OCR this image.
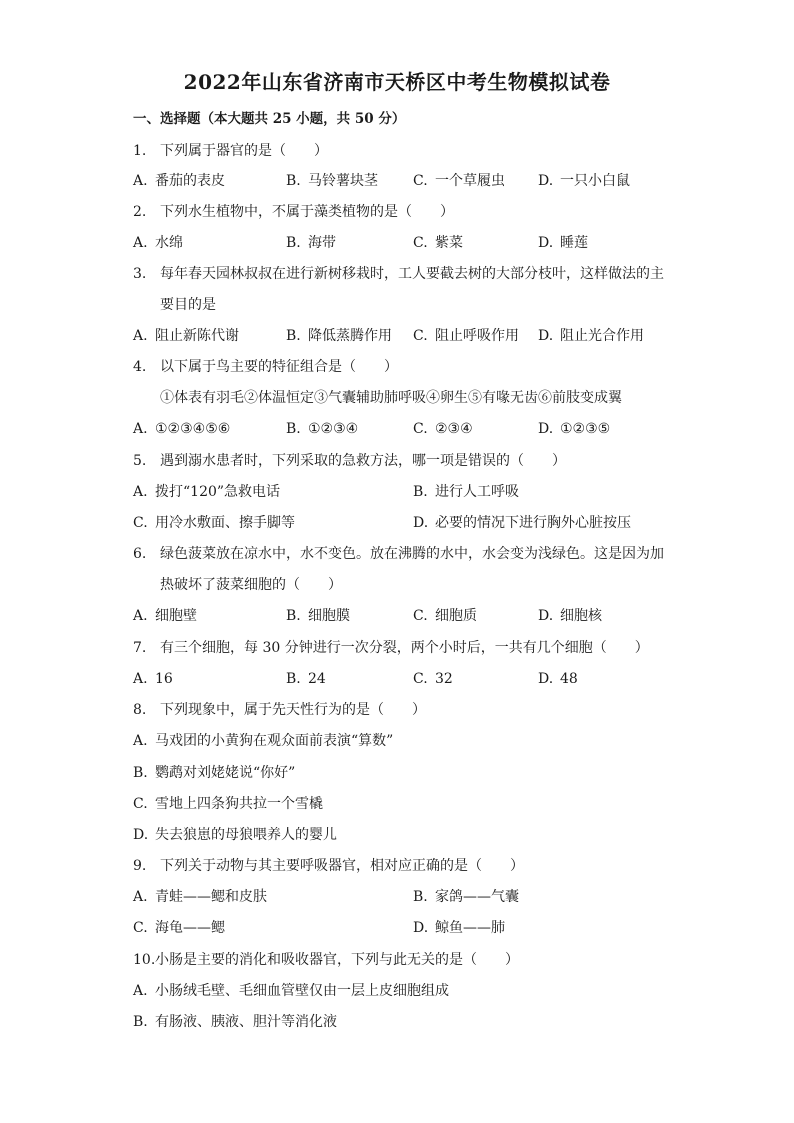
2022年山东省济南市天桥区中考生物模拟试卷
一、选择题（本大题共 25 小题，共 50 分）
1. 下列属于器官的是（　　）
A. 番茄的表皮	B. 马铃薯块茎	C. 一个草履虫 D. 一只小白鼠
2. 下列水生植物中，不属于藻类植物的是（　　）
A. 水绵	B. 海带	C. 紫菜	D. 睡莲
3. 每年春天园林叔叔在进行新树移栽时，工人要截去树的大部分枝叶，这样做法的主
要目的是
A. 阻止新陈代谢	B. 降低蒸腾作用 C. 阻止呼吸作用 D. 阻止光合作用
4. 以下属于鸟主要的特征组合是（　　）
①体表有羽毛②体温恒定③气囊辅助肺呼吸④卵生⑤有喙无齿⑥前肢变成翼
A. ①②③④⑤⑥	B. ①②③④	C. ②③④	D. ①②③⑤
5. 遇到溺水患者时，下列采取的急救方法，哪一项是错误的（　　）
A. 拨打“120”急救电话	B. 进行人工呼吸
C. 用冷水敷面、擦手脚等	D. 必要的情况下进行胸外心脏按压
6. 绿色菠菜放在凉水中，水不变色。放在沸腾的水中，水会变为浅绿色。这是因为加
热破坏了菠菜细胞的（　　）
A. 细胞壁	B. 细胞膜	C. 细胞质	D. 细胞核
7. 有三个细胞，每 30 分钟进行一次分裂，两个小时后，一共有几个细胞（　　）
A. 16	B. 24	C. 32	D. 48
8. 下列现象中，属于先天性行为的是（　　）
A. 马戏团的小黄狗在观众面前表演“算数”
B. 鹦鹉对刘姥姥说“你好”
C. 雪地上四条狗共拉一个雪橇
D. 失去狼崽的母狼喂养人的婴儿
9. 下列关于动物与其主要呼吸器官，相对应正确的是（　　）
A. 青蛙——鳃和皮肤	B. 家鸽——气囊
C. 海龟——鳃	D. 鲸鱼——肺
10.小肠是主要的消化和吸收器官，下列与此无关的是（　　）
A. 小肠绒毛壁、毛细血管壁仅由一层上皮细胞组成
B. 有肠液、胰液、胆汁等消化液
